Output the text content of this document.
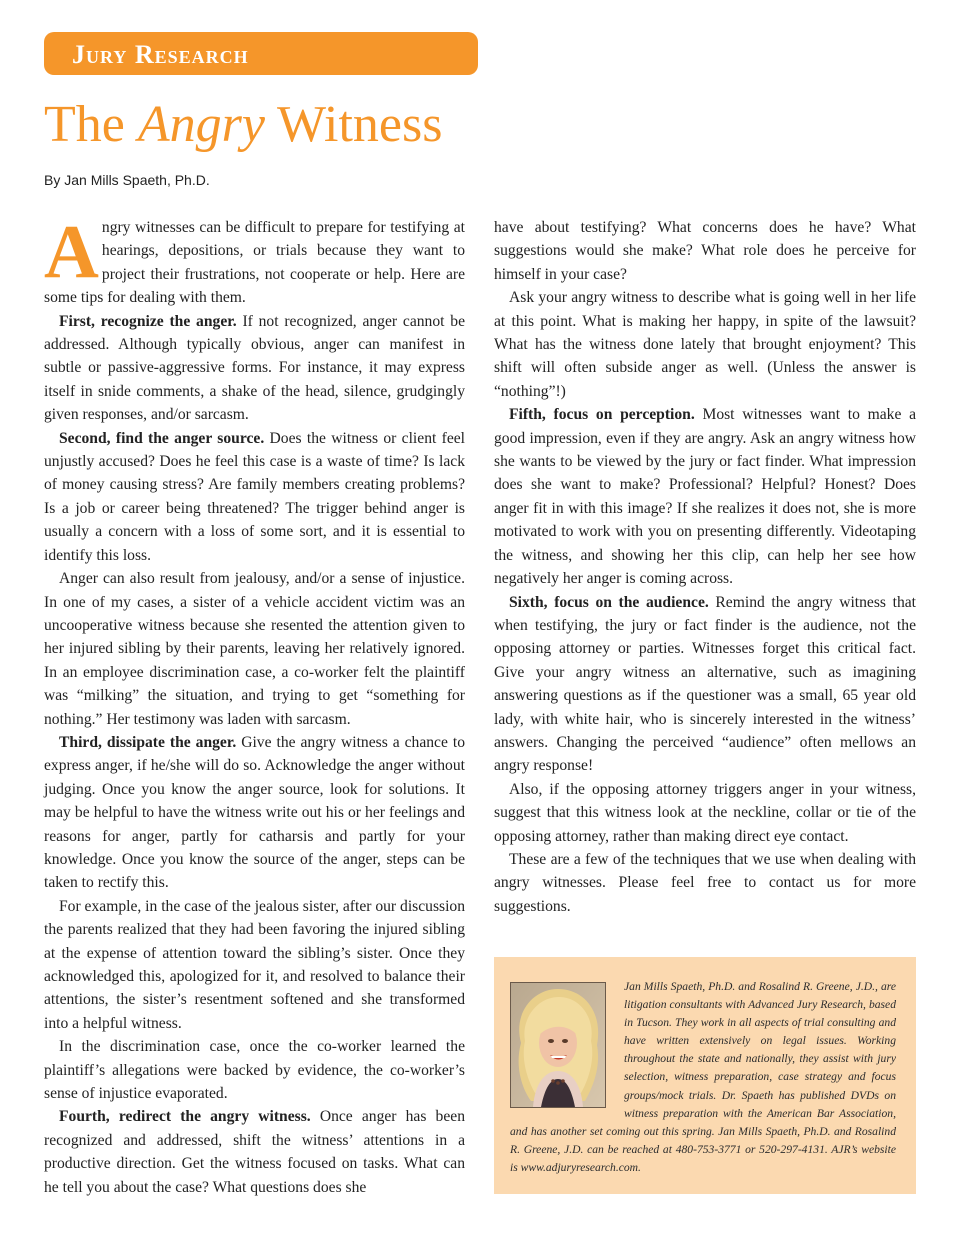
Jury Research
The Angry Witness
By Jan Mills Spaeth, Ph.D.

Angry witnesses can be difficult to prepare for testifying at hearings, depositions, or trials because they want to project their frustrations, not cooperate or help. Here are some tips for dealing with them.

First, recognize the anger. If not recognized, anger cannot be addressed. Although typically obvious, anger can manifest in subtle or passive-aggressive forms. For instance, it may express itself in snide comments, a shake of the head, silence, grudgingly given responses, and/or sarcasm.

Second, find the anger source. Does the witness or client feel unjustly accused? Does he feel this case is a waste of time? Is lack of money causing stress? Are family members creating problems? Is a job or career being threatened? The trigger behind anger is usually a concern with a loss of some sort, and it is essential to identify this loss.

Anger can also result from jealousy, and/or a sense of injustice. In one of my cases, a sister of a vehicle accident victim was an uncooperative witness because she resented the attention given to her injured sibling by their parents, leaving her relatively ignored. In an employee discrimination case, a co-worker felt the plaintiff was “milking” the situation, and trying to get “something for nothing.” Her testimony was laden with sarcasm.

Third, dissipate the anger. Give the angry witness a chance to express anger, if he/she will do so. Acknowledge the anger without judging. Once you know the anger source, look for solutions. It may be helpful to have the witness write out his or her feelings and reasons for anger, partly for catharsis and partly for your knowledge. Once you know the source of the anger, steps can be taken to rectify this.

For example, in the case of the jealous sister, after our discussion the parents realized that they had been favoring the injured sibling at the expense of attention toward the sibling’s sister. Once they acknowledged this, apologized for it, and resolved to balance their attentions, the sister’s resentment softened and she transformed into a helpful witness.

In the discrimination case, once the co-worker learned the plaintiff’s allegations were backed by evidence, the co-worker’s sense of injustice evaporated.

Fourth, redirect the angry witness. Once anger has been recognized and addressed, shift the witness’ attentions in a productive direction. Get the witness focused on tasks. What can he tell you about the case? What questions does she

have about testifying? What concerns does he have? What suggestions would she make? What role does he perceive for himself in your case?

Ask your angry witness to describe what is going well in her life at this point. What is making her happy, in spite of the lawsuit? What has the witness done lately that brought enjoyment? This shift will often subside anger as well. (Unless the answer is “nothing”!)

Fifth, focus on perception. Most witnesses want to make a good impression, even if they are angry. Ask an angry witness how she wants to be viewed by the jury or fact finder. What impression does she want to make? Professional? Helpful? Honest? Does anger fit in with this image? If she realizes it does not, she is more motivated to work with you on presenting differently. Videotaping the witness, and showing her this clip, can help her see how negatively her anger is coming across.

Sixth, focus on the audience. Remind the angry witness that when testifying, the jury or fact finder is the audience, not the opposing attorney or parties. Witnesses forget this critical fact. Give your angry witness an alternative, such as imagining answering questions as if the questioner was a small, 65 year old lady, with white hair, who is sincerely interested in the witness’ answers. Changing the perceived “audience” often mellows an angry response!

Also, if the opposing attorney triggers anger in your witness, suggest that this witness look at the neckline, collar or tie of the opposing attorney, rather than making direct eye contact.

These are a few of the techniques that we use when dealing with angry witnesses. Please feel free to contact us for more suggestions.

Jan Mills Spaeth, Ph.D. and Rosalind R. Greene, J.D., are litigation consultants with Advanced Jury Research, based in Tucson. They work in all aspects of trial consulting and have written extensively on legal issues. Working throughout the state and nationally, they assist with jury selection, witness preparation, case strategy and focus groups/mock trials. Dr. Spaeth has published DVDs on witness preparation with the American Bar Association, and has another set coming out this spring. Jan Mills Spaeth, Ph.D. and Rosalind R. Greene, J.D. can be reached at 480-753-3771 or 520-297-4131. AJR’s website is www.adjuryresearch.com.
